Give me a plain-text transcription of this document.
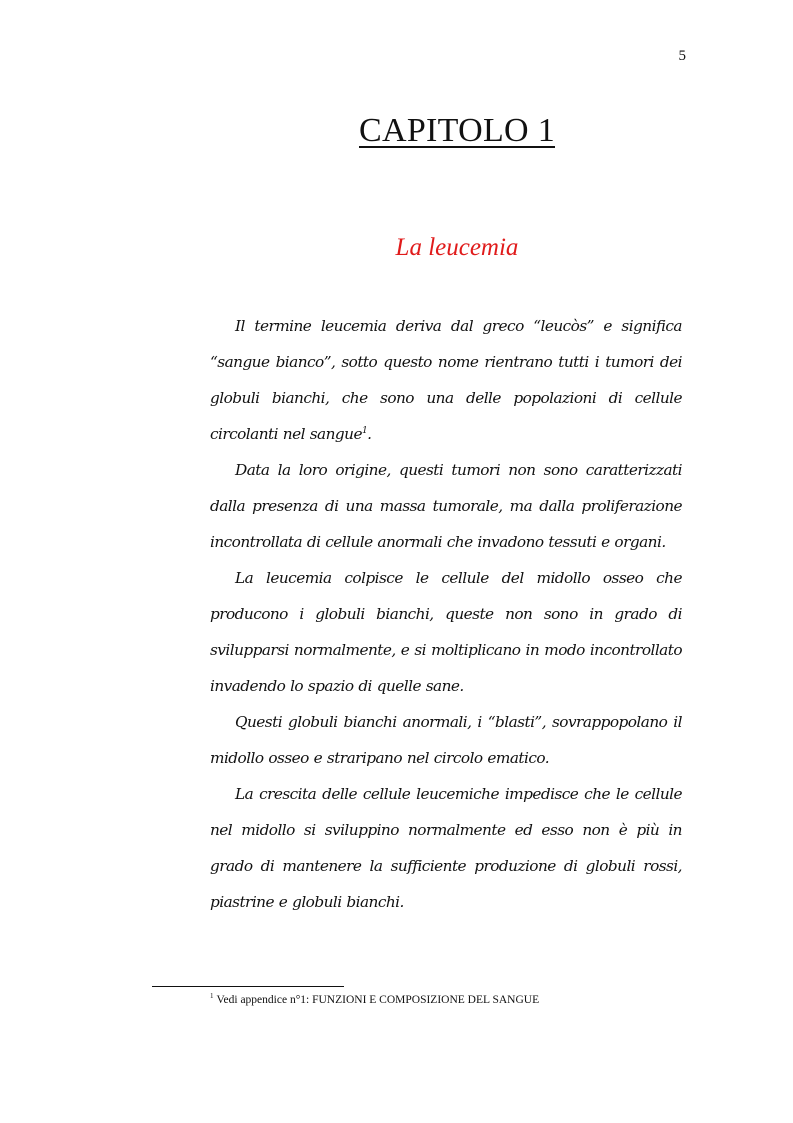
5
CAPITOLO 1
La leucemia

Il termine leucemia deriva dal greco “leucòs” e significa “sangue bianco”, sotto questo nome rientrano tutti i tumori dei globuli bianchi, che sono una delle popolazioni di cellule circolanti nel sangue$^1$.

Data la loro origine, questi tumori non sono caratterizzati dalla presenza di una massa tumorale, ma dalla proliferazione incontrollata di cellule anormali che invadono tessuti e organi.

La leucemia colpisce le cellule del midollo osseo che producono i globuli bianchi, queste non sono in grado di svilupparsi normalmente, e si moltiplicano in modo incontrollato invadendo lo spazio di quelle sane.

Questi globuli bianchi anormali, i “blasti”, sovrappopolano il midollo osseo e straripano nel circolo ematico.

La crescita delle cellule leucemiche impedisce che le cellule nel midollo si sviluppino normalmente ed esso non è più in grado di mantenere la sufficiente produzione di globuli rossi, piastrine e globuli bianchi.

$^1$ Vedi appendice n°1: FUNZIONI E COMPOSIZIONE DEL SANGUE
